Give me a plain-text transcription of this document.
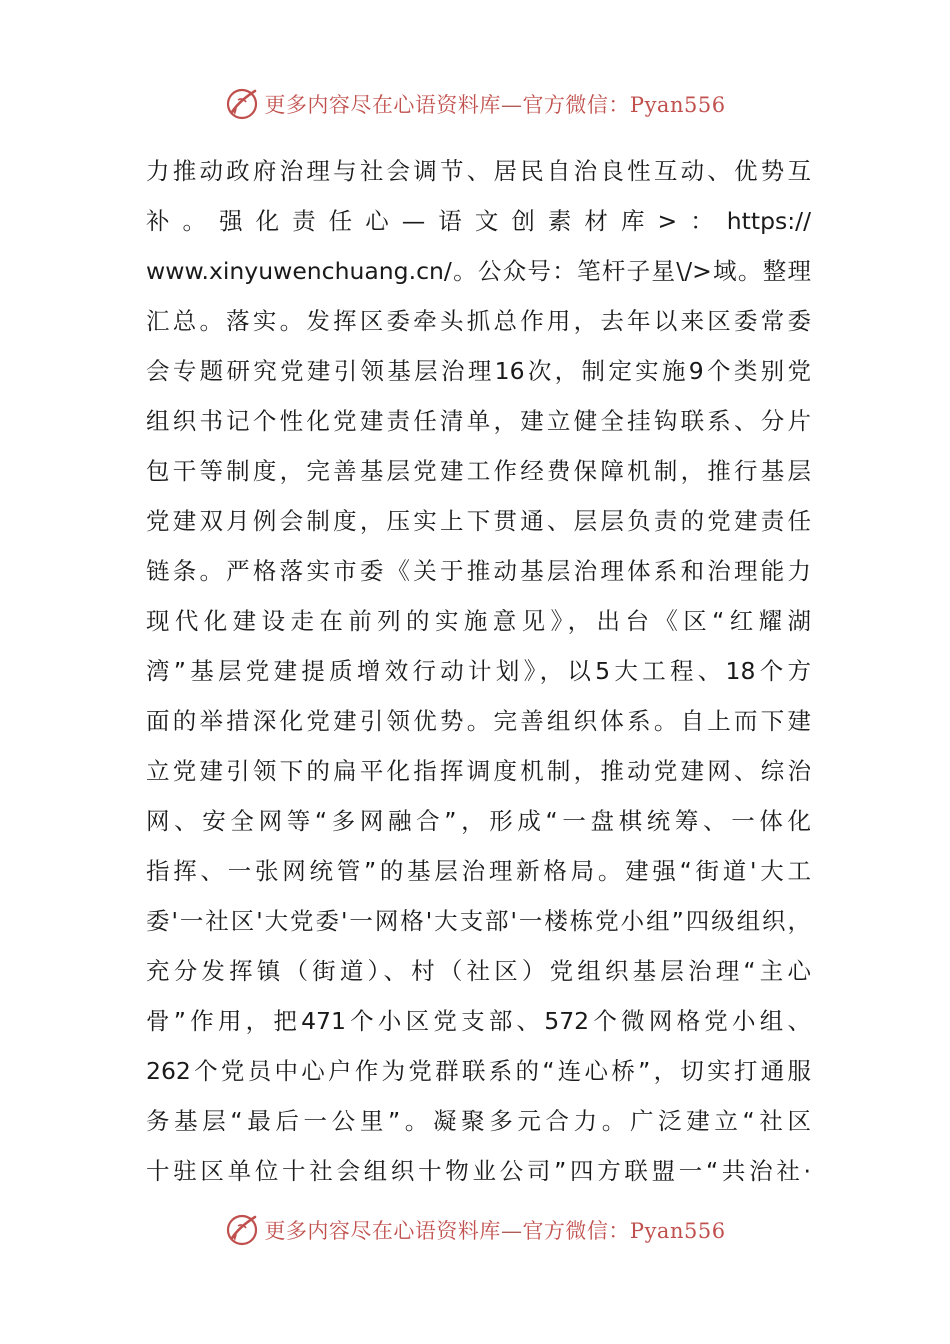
更多内容尽在心语资料库—官方微信：Pyan556
力推动政府治理与社会调节、居民自治良性互动、优势互
补。强化责任心—语文创素材库>：https://
www.xinyuwenchuang.cn/。公众号：笔杆子星\/>域。整理
汇总。落实。发挥区委牵头抓总作用，去年以来区委常委
会专题研究党建引领基层治理16次，制定实施9个类别党
组织书记个性化党建责任清单，建立健全挂钩联系、分片
包干等制度，完善基层党建工作经费保障机制，推行基层
党建双月例会制度，压实上下贯通、层层负责的党建责任
链条。严格落实市委《关于推动基层治理体系和治理能力
现代化建设走在前列的实施意见》，出台《区“红耀湖
湾”基层党建提质增效行动计划》，以5大工程、18个方
面的举措深化党建引领优势。完善组织体系。自上而下建
立党建引领下的扁平化指挥调度机制，推动党建网、综治
网、安全网等“多网融合”，形成“一盘棋统筹、一体化
指挥、一张网统管”的基层治理新格局。建强“街道'大工
委'一社区'大党委'一网格'大支部'一楼栋党小组”四级组织，
充分发挥镇（街道）、村（社区）党组织基层治理“主心
骨”作用，把471个小区党支部、572个微网格党小组、
262个党员中心户作为党群联系的“连心桥”，切实打通服
务基层“最后一公里”。凝聚多元合力。广泛建立“社区
十驻区单位十社会组织十物业公司”四方联盟一“共治社·
更多内容尽在心语资料库—官方微信：Pyan556
